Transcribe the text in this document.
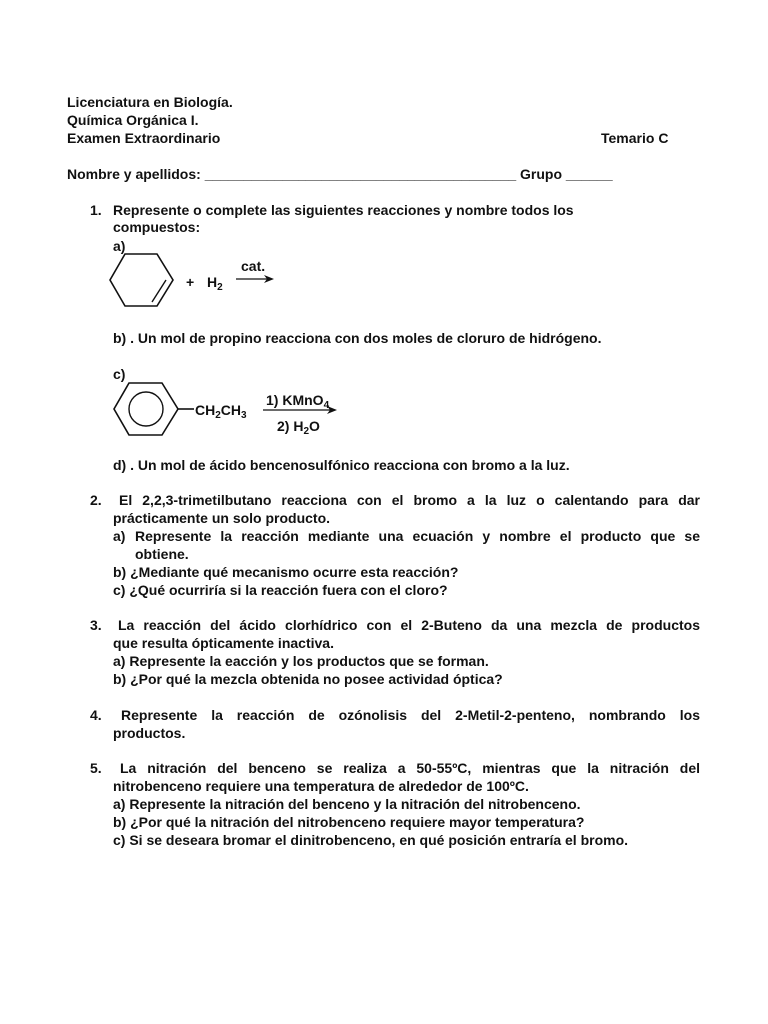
Licenciatura en Biología.
Química Orgánica I.
Examen Extraordinario	Temario C
Nombre y apellidos: ________________________________________ Grupo ______
1. Represente o complete las siguientes reacciones y nombre todos los
compuestos:
a)
+ $H_2$
cat.
b) . Un mol de propino reacciona con dos moles de cloruro de hidrógeno.
c)
$CH_2CH_3$
1) KMnO$_4$
2) $H_2O$
d) . Un mol de ácido bencenosulfónico reacciona con bromo a la luz.
2. El 2,2,3-trimetilbutano reacciona con el bromo a la luz o calentando para dar
prácticamente un solo producto.
a) Represente la reacción mediante una ecuación y nombre el producto que se
obtiene.
b) ¿Mediante qué mecanismo ocurre esta reacción?
c) ¿Qué ocurriría si la reacción fuera con el cloro?
3. La reacción del ácido clorhídrico con el 2-Buteno da una mezcla de productos
que resulta ópticamente inactiva.
a) Represente la eacción y los productos que se forman.
b) ¿Por qué la mezcla obtenida no posee actividad óptica?
4. Represente la reacción de ozónolisis del 2-Metil-2-penteno, nombrando los
productos.
5. La nitración del benceno se realiza a 50-55ºC, mientras que la nitración del
nitrobenceno requiere una temperatura de alrededor de 100ºC.
a) Represente la nitración del benceno y la nitración del nitrobenceno.
b) ¿Por qué la nitración del nitrobenceno requiere mayor temperatura?
c) Si se deseara bromar el dinitrobenceno, en qué posición entraría el bromo.
